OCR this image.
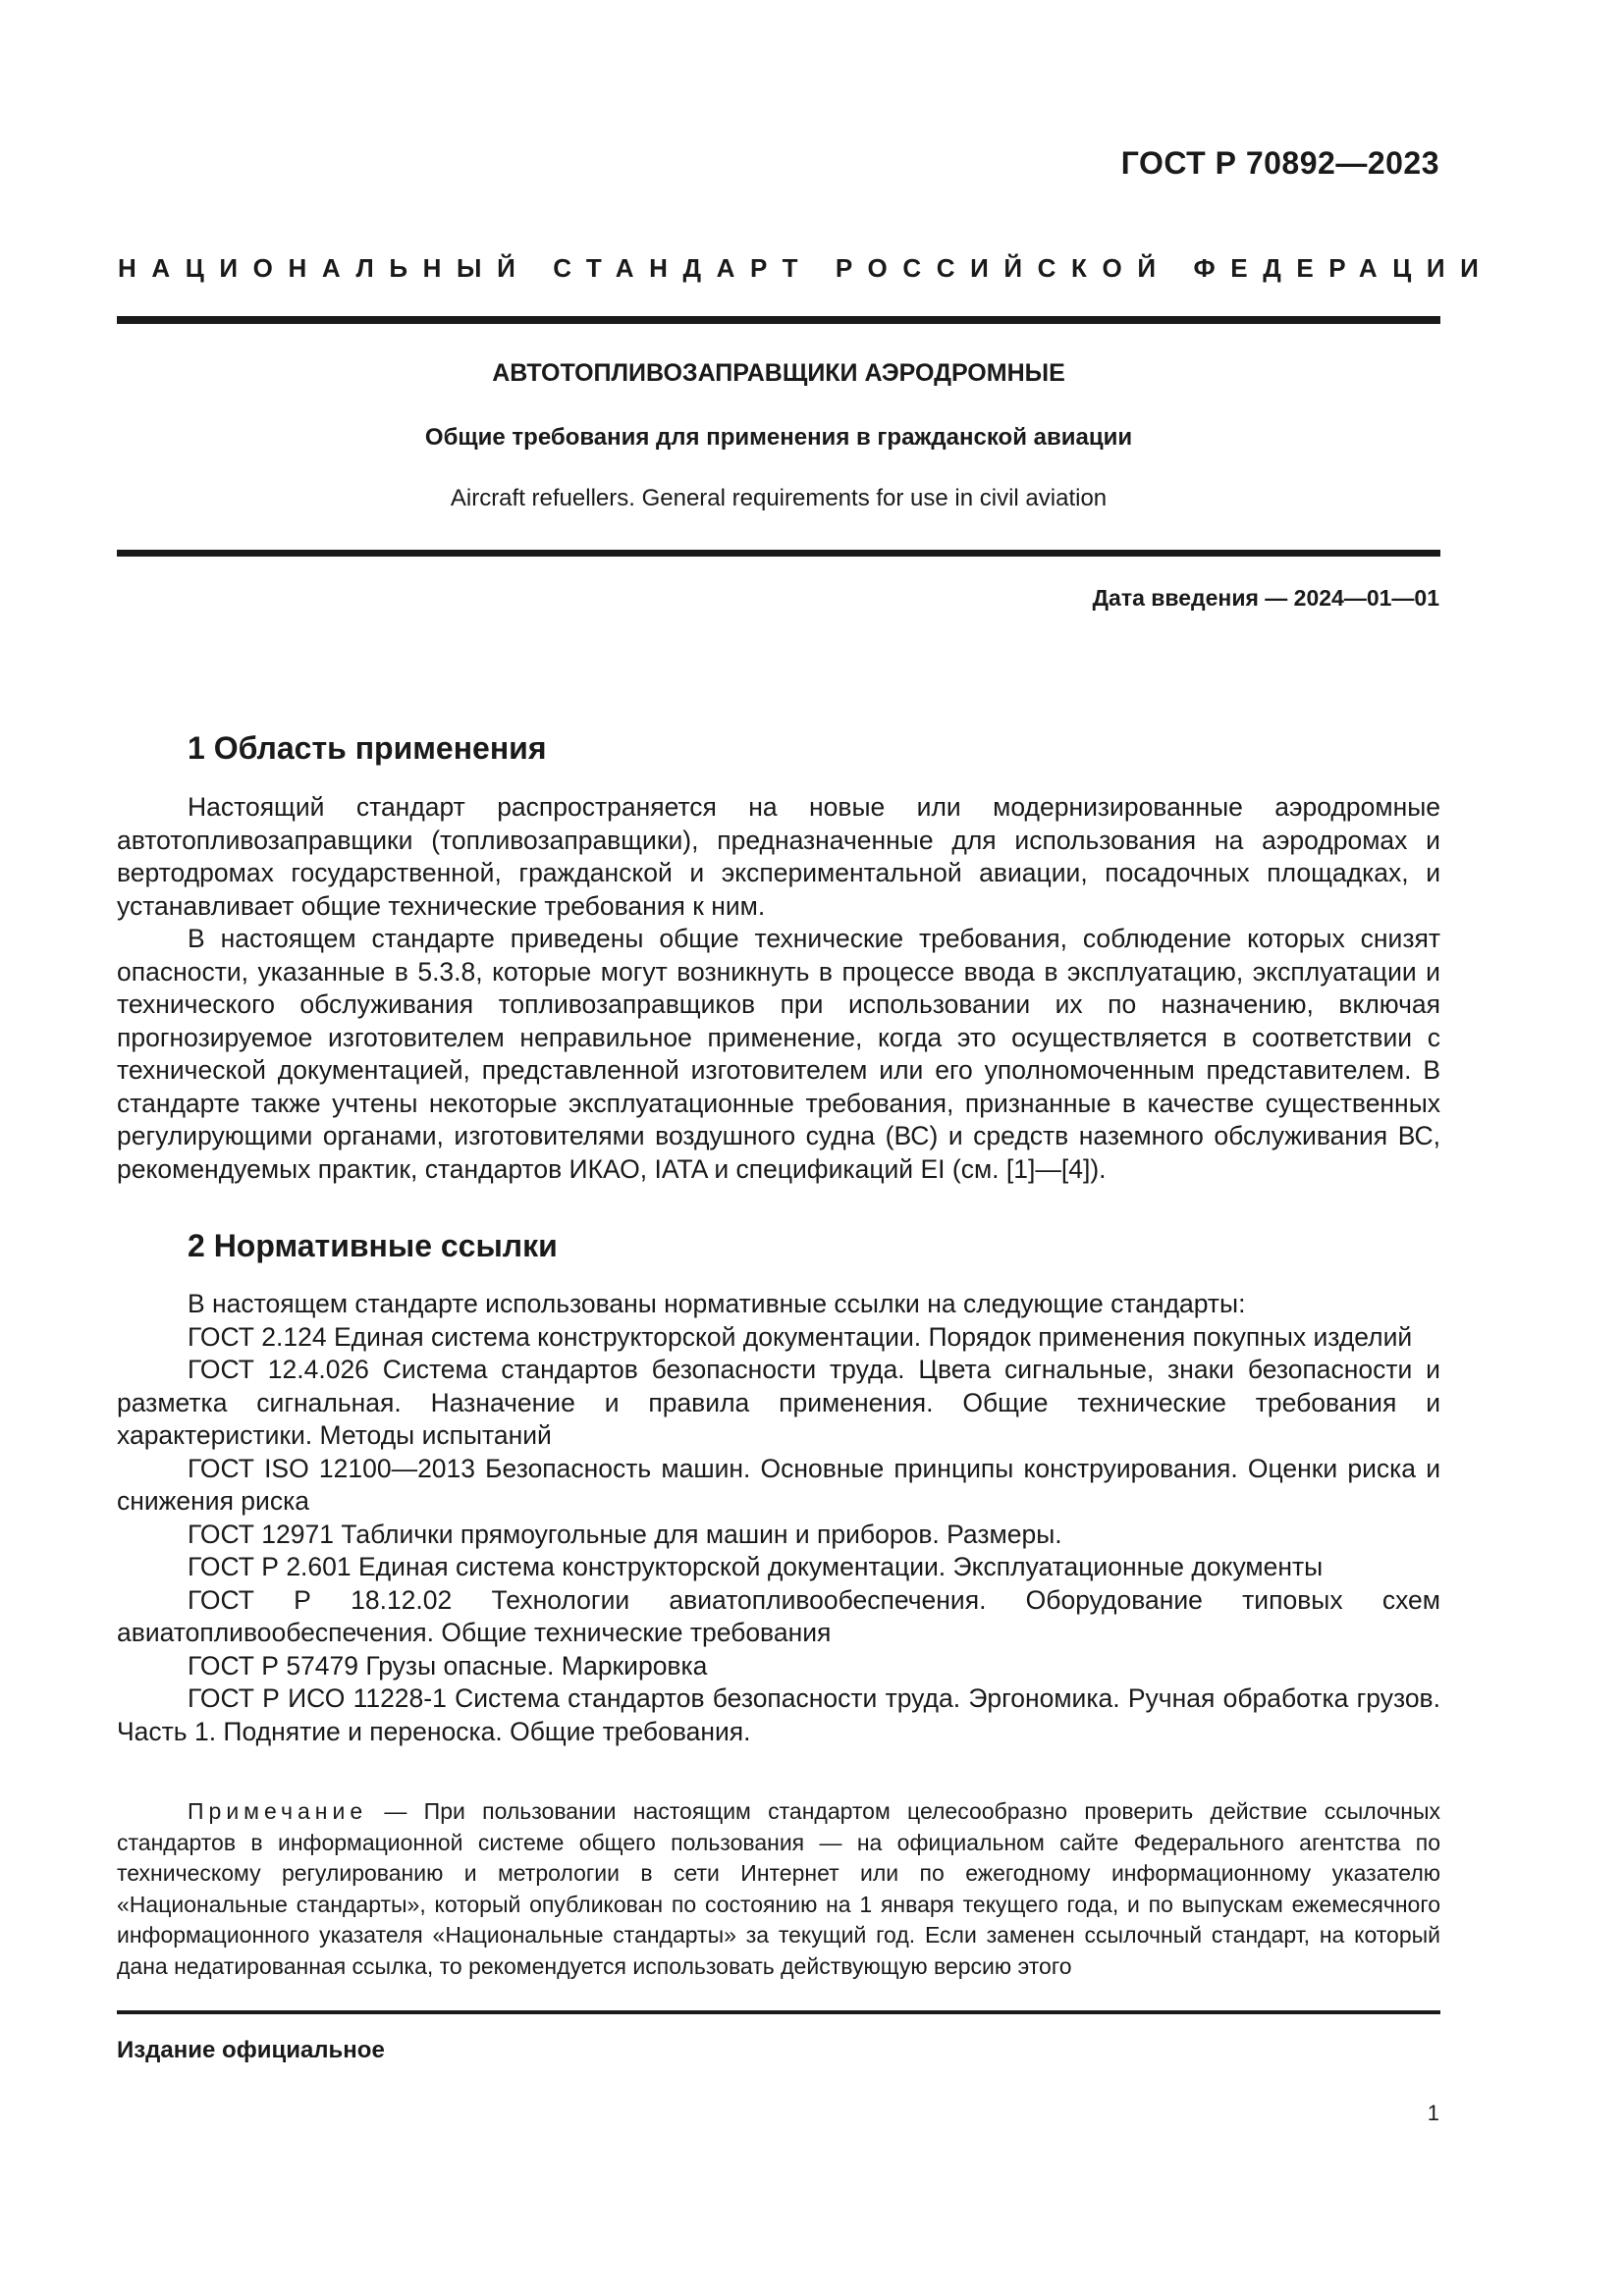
ГОСТ Р 70892—2023
НАЦИОНАЛЬНЫЙ СТАНДАРТ РОССИЙСКОЙ ФЕДЕРАЦИИ
АВТОТОПЛИВОЗАПРАВЩИКИ АЭРОДРОМНЫЕ
Общие требования для применения в гражданской авиации
Aircraft refuellers. General requirements for use in civil aviation
Дата введения — 2024—01—01
1 Область применения

Настоящий стандарт распространяется на новые или модернизированные аэродромные автотопливозаправщики (топливозаправщики), предназначенные для использования на аэродромах и вертодромах государственной, гражданской и экспериментальной авиации, посадочных площадках, и устанавливает общие технические требования к ним.

В настоящем стандарте приведены общие технические требования, соблюдение которых снизят опасности, указанные в 5.3.8, которые могут возникнуть в процессе ввода в эксплуатацию, эксплуатации и технического обслуживания топливозаправщиков при использовании их по назначению, включая прогнозируемое изготовителем неправильное применение, когда это осуществляется в соответствии с технической документацией, представленной изготовителем или его уполномоченным представителем. В стандарте также учтены некоторые эксплуатационные требования, признанные в качестве существенных регулирующими органами, изготовителями воздушного судна (ВС) и средств наземного обслуживания ВС, рекомендуемых практик, стандартов ИКАО, IATA и спецификаций EI (см. [1]—[4]).

2 Нормативные ссылки

В настоящем стандарте использованы нормативные ссылки на следующие стандарты:

ГОСТ 2.124 Единая система конструкторской документации. Порядок применения покупных изделий

ГОСТ 12.4.026 Система стандартов безопасности труда. Цвета сигнальные, знаки безопасности и разметка сигнальная. Назначение и правила применения. Общие технические требования и характеристики. Методы испытаний

ГОСТ ISO 12100—2013 Безопасность машин. Основные принципы конструирования. Оценки риска и снижения риска

ГОСТ 12971 Таблички прямоугольные для машин и приборов. Размеры.

ГОСТ Р 2.601 Единая система конструкторской документации. Эксплуатационные документы

ГОСТ Р 18.12.02 Технологии авиатопливообеспечения. Оборудование типовых схем авиатопливообеспечения. Общие технические требования

ГОСТ Р 57479 Грузы опасные. Маркировка

ГОСТ Р ИСО 11228-1 Система стандартов безопасности труда. Эргономика. Ручная обработка грузов. Часть 1. Поднятие и переноска. Общие требования.

Примечание — При пользовании настоящим стандартом целесообразно проверить действие ссылочных стандартов в информационной системе общего пользования — на официальном сайте Федерального агентства по техническому регулированию и метрологии в сети Интернет или по ежегодному информационному указателю «Национальные стандарты», который опубликован по состоянию на 1 января текущего года, и по выпускам ежемесячного информационного указателя «Национальные стандарты» за текущий год. Если заменен ссылочный стандарт, на который дана недатированная ссылка, то рекомендуется использовать действующую версию этого
Издание официальное
1
